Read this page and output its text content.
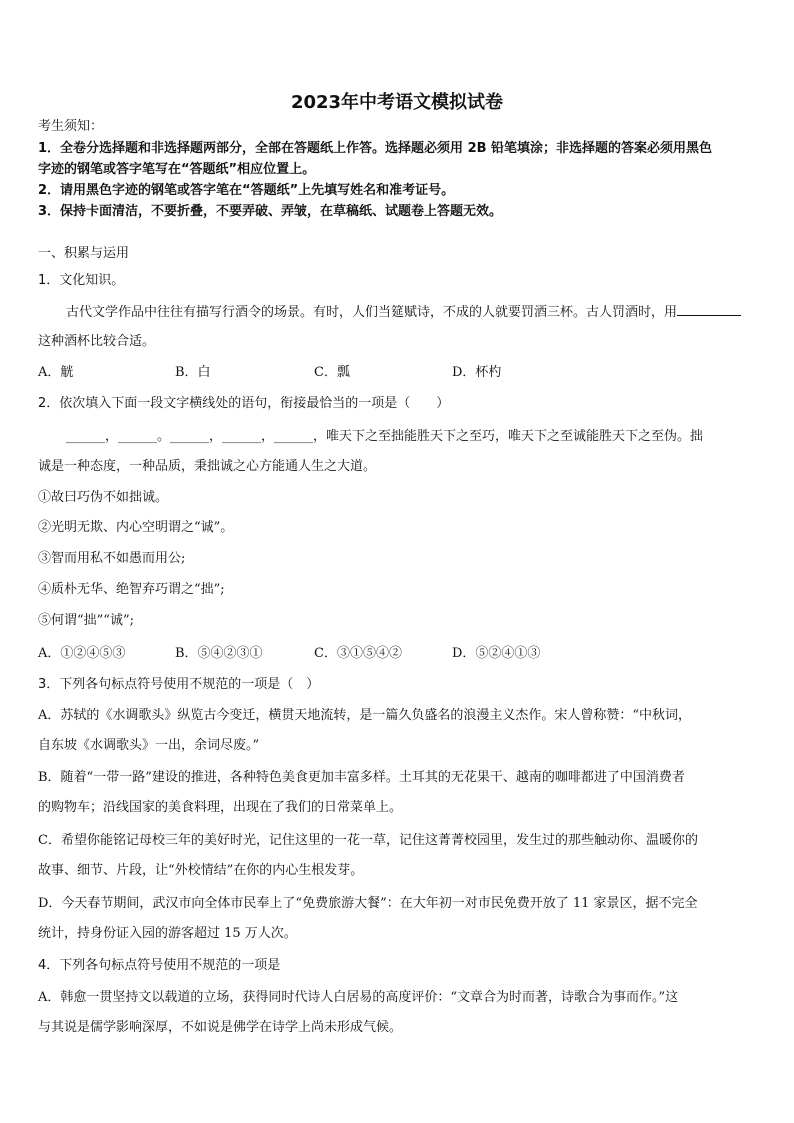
2023年中考语文模拟试卷
考生须知：
1．全卷分选择题和非选择题两部分，全部在答题纸上作答。选择题必须用 2B 铅笔填涂；非选择题的答案必须用黑色
字迹的钢笔或答字笔写在“答题纸”相应位置上。
2．请用黑色字迹的钢笔或答字笔在“答题纸”上先填写姓名和准考证号。
3．保持卡面清洁，不要折叠，不要弄破、弄皱，在草稿纸、试题卷上答题无效。
一、积累与运用
1．文化知识。
古代文学作品中往往有描写行酒令的场景。有时，人们当筵赋诗，不成的人就要罚酒三杯。古人罚酒时，用
这种酒杯比较合适。
A．觥	B．白	C．瓢	D．杯杓
2．依次填入下面一段文字横线处的语句，衔接最恰当的一项是（　　）
______，______。______，______，______，唯天下之至拙能胜天下之至巧，唯天下之至诚能胜天下之至伪。拙
诚是一种态度，一种品质，秉拙诚之心方能通人生之大道。
①故曰巧伪不如拙诚。
②光明无欺、内心空明谓之“诚”。
③智而用私不如愚而用公;
④质朴无华、绝智弃巧谓之“拙”;
⑤何谓“拙”“诚”;
A．①②④⑤③	B．⑤④②③①	C．③①⑤④②	D．⑤②④①③
3．下列各句标点符号使用不规范的一项是（　）
A．苏轼的《水调歌头》纵览古今变迁，横贯天地流转，是一篇久负盛名的浪漫主义杰作。宋人曾称赞：“中秋词，
自东坡《水调歌头》一出，余词尽废。”
B．随着“一带一路”建设的推进，各种特色美食更加丰富多样。土耳其的无花果干、越南的咖啡都进了中国消费者
的购物车；沿线国家的美食料理，出现在了我们的日常菜单上。
C．希望你能铭记母校三年的美好时光，记住这里的一花一草，记住这菁菁校园里，发生过的那些触动你、温暖你的
故事、细节、片段，让“外校情结”在你的内心生根发芽。
D．今天春节期间，武汉市向全体市民奉上了“免费旅游大餐”：在大年初一对市民免费开放了 11 家景区，据不完全
统计，持身份证入园的游客超过 15 万人次。
4．下列各句标点符号使用不规范的一项是
A．韩愈一贯坚持文以载道的立场，获得同时代诗人白居易的高度评价：“文章合为时而著，诗歌合为事而作。”这
与其说是儒学影响深厚，不如说是佛学在诗学上尚未形成气候。
